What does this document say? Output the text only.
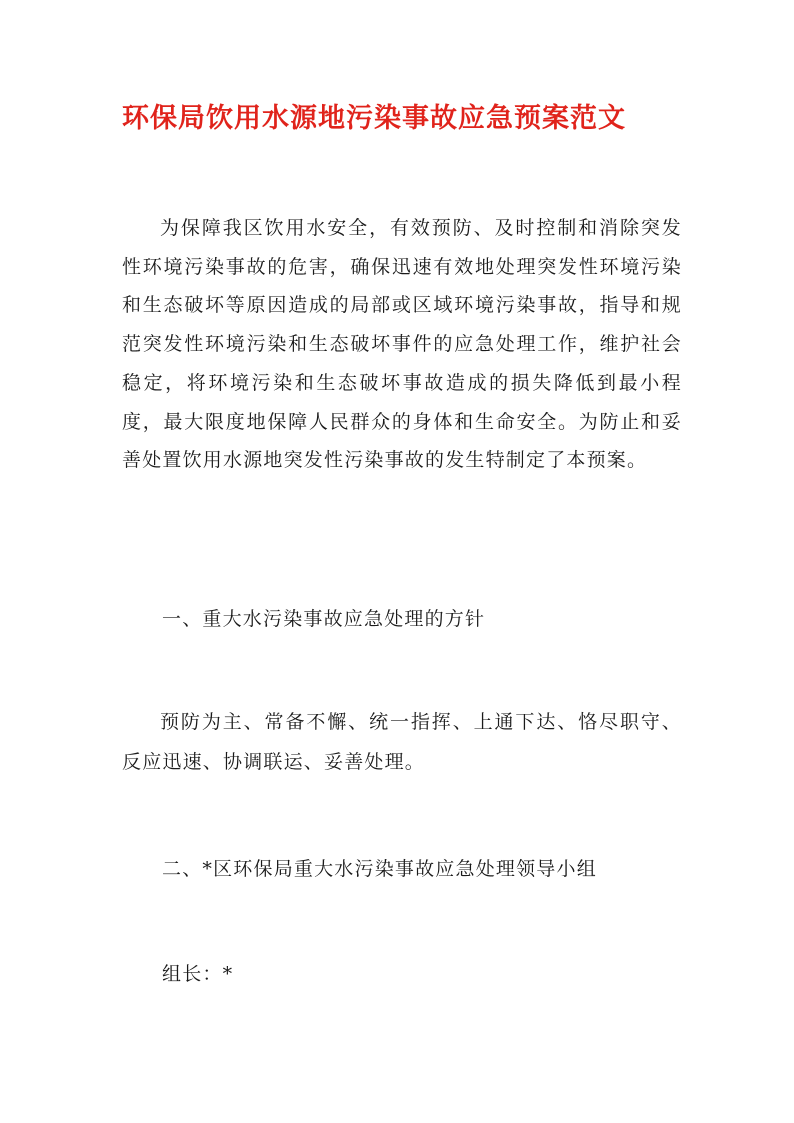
环保局饮用水源地污染事故应急预案范文

为保障我区饮用水安全，有效预防、及时控制和消除突发性环境污染事故的危害，确保迅速有效地处理突发性环境污染和生态破坏等原因造成的局部或区域环境污染事故，指导和规范突发性环境污染和生态破坏事件的应急处理工作，维护社会稳定，将环境污染和生态破坏事故造成的损失降低到最小程度，最大限度地保障人民群众的身体和生命安全。为防止和妥善处置饮用水源地突发性污染事故的发生特制定了本预案。

一、重大水污染事故应急处理的方针

预防为主、常备不懈、统一指挥、上通下达、恪尽职守、反应迅速、协调联运、妥善处理。

二、*区环保局重大水污染事故应急处理领导小组

组长：*
